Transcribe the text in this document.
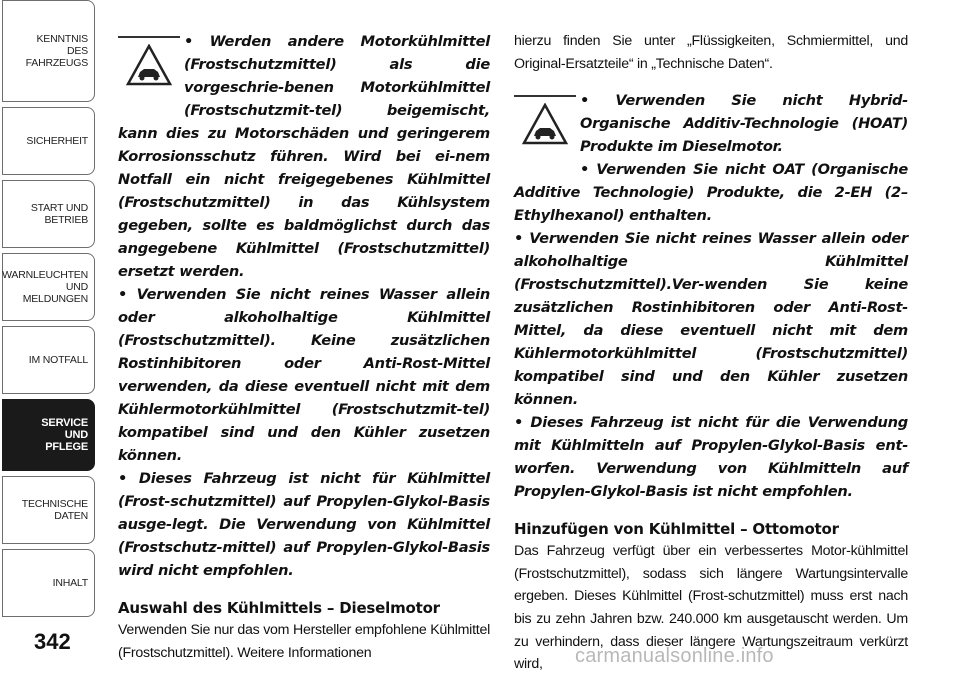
KENNTNIS
DES
FAHRZEUGS
SICHERHEIT
START UND
BETRIEB
WARNLEUCHTEN
UND
MELDUNGEN
IM NOTFALL
SERVICE
UND
PFLEGE
TECHNISCHE
DATEN
INHALT
342

• Werden andere Motorkühlmittel (Frostschutzmittel) als die vorgeschrie-benen Motorkühlmittel (Frostschutzmit-tel) beigemischt, kann dies zu Motorschäden und geringerem Korrosionsschutz führen. Wird bei ei-nem Notfall ein nicht freigegebenes Kühlmittel (Frostschutzmittel) in das Kühlsystem gegeben, sollte es baldmöglichst durch das angegebene Kühlmittel (Frostschutzmittel) ersetzt werden.

• Verwenden Sie nicht reines Wasser allein oder alkoholhaltige Kühlmittel (Frostschutzmittel). Keine zusätzlichen Rostinhibitoren oder Anti-Rost-Mittel verwenden, da diese eventuell nicht mit dem Kühlermotorkühlmittel (Frostschutzmit-tel) kompatibel sind und den Kühler zusetzen können.

• Dieses Fahrzeug ist nicht für Kühlmittel (Frost-schutzmittel) auf Propylen-Glykol-Basis ausge-legt. Die Verwendung von Kühlmittel (Frostschutz-mittel) auf Propylen-Glykol-Basis wird nicht empfohlen.

Auswahl des Kühlmittels – Dieselmotor

Verwenden Sie nur das vom Hersteller empfohlene Kühlmittel (Frostschutzmittel). Weitere Informationen

hierzu finden Sie unter „Flüssigkeiten, Schmiermittel, und Original-Ersatzteile“ in „Technische Daten“.

• Verwenden Sie nicht Hybrid-Organische Additiv-Technologie (HOAT) Produkte im Dieselmotor.

• Verwenden Sie nicht OAT (Organische Additive Technologie) Produkte, die 2-EH (2– Ethylhexanol) enthalten.

• Verwenden Sie nicht reines Wasser allein oder alkoholhaltige Kühlmittel (Frostschutzmittel).Ver-wenden Sie keine zusätzlichen Rostinhibitoren oder Anti-Rost-Mittel, da diese eventuell nicht mit dem Kühlermotorkühlmittel (Frostschutzmittel) kompatibel sind und den Kühler zusetzen können.

• Dieses Fahrzeug ist nicht für die Verwendung mit Kühlmitteln auf Propylen-Glykol-Basis ent-worfen. Verwendung von Kühlmitteln auf Propylen-Glykol-Basis ist nicht empfohlen.

Hinzufügen von Kühlmittel – Ottomotor

Das Fahrzeug verfügt über ein verbessertes Motor-kühlmittel (Frostschutzmittel), sodass sich längere Wartungsintervalle ergeben. Dieses Kühlmittel (Frost-schutzmittel) muss erst nach bis zu zehn Jahren bzw. 240.000 km ausgetauscht werden. Um zu verhindern, dass dieser längere Wartungszeitraum verkürzt wird,	carmanualsonline.info
